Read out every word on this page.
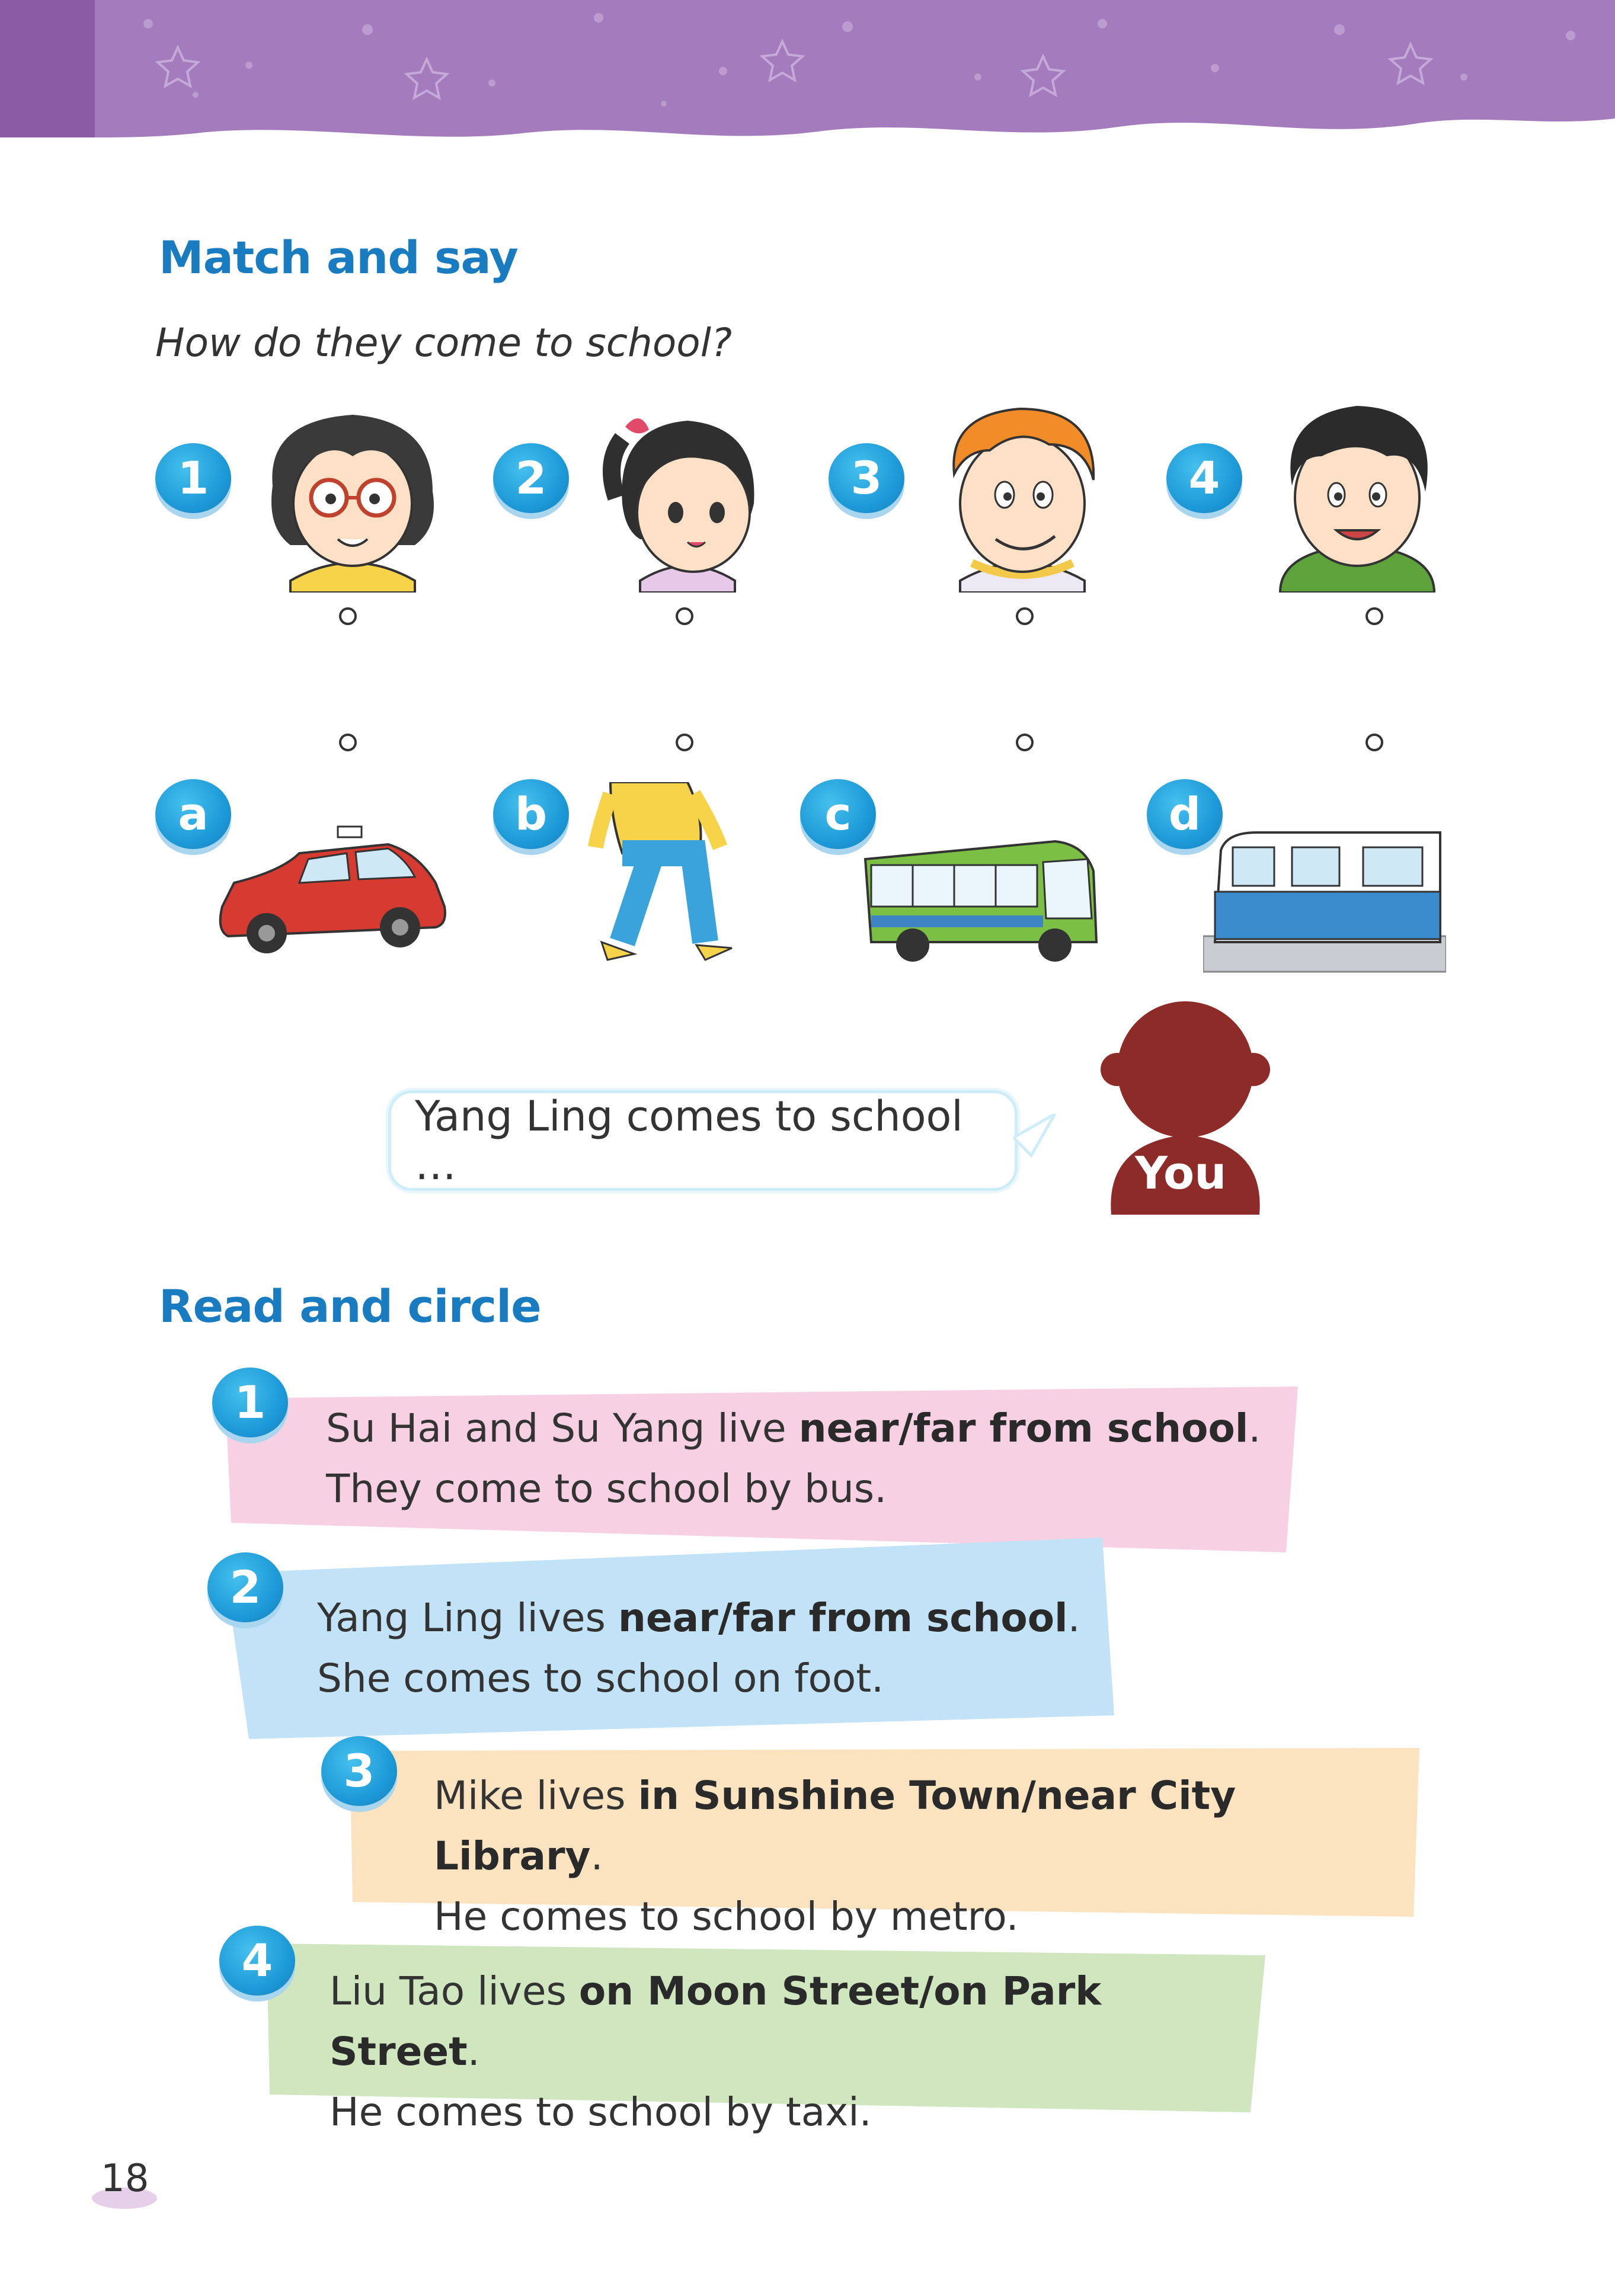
Match and say
How do they come to school?
1	2	3	4
a	b	c	d
Yang Ling comes to school …	You
Read and circle
1	Su Hai and Su Yang live near/far from school.
They come to school by bus.
2
Yang Ling lives near/far from school.
She comes to school on foot.
3	Mike lives in Sunshine Town/near City Library.
He comes to school by metro.
4
Liu Tao lives on Moon Street/on Park Street.
He comes to school by taxi.
18
